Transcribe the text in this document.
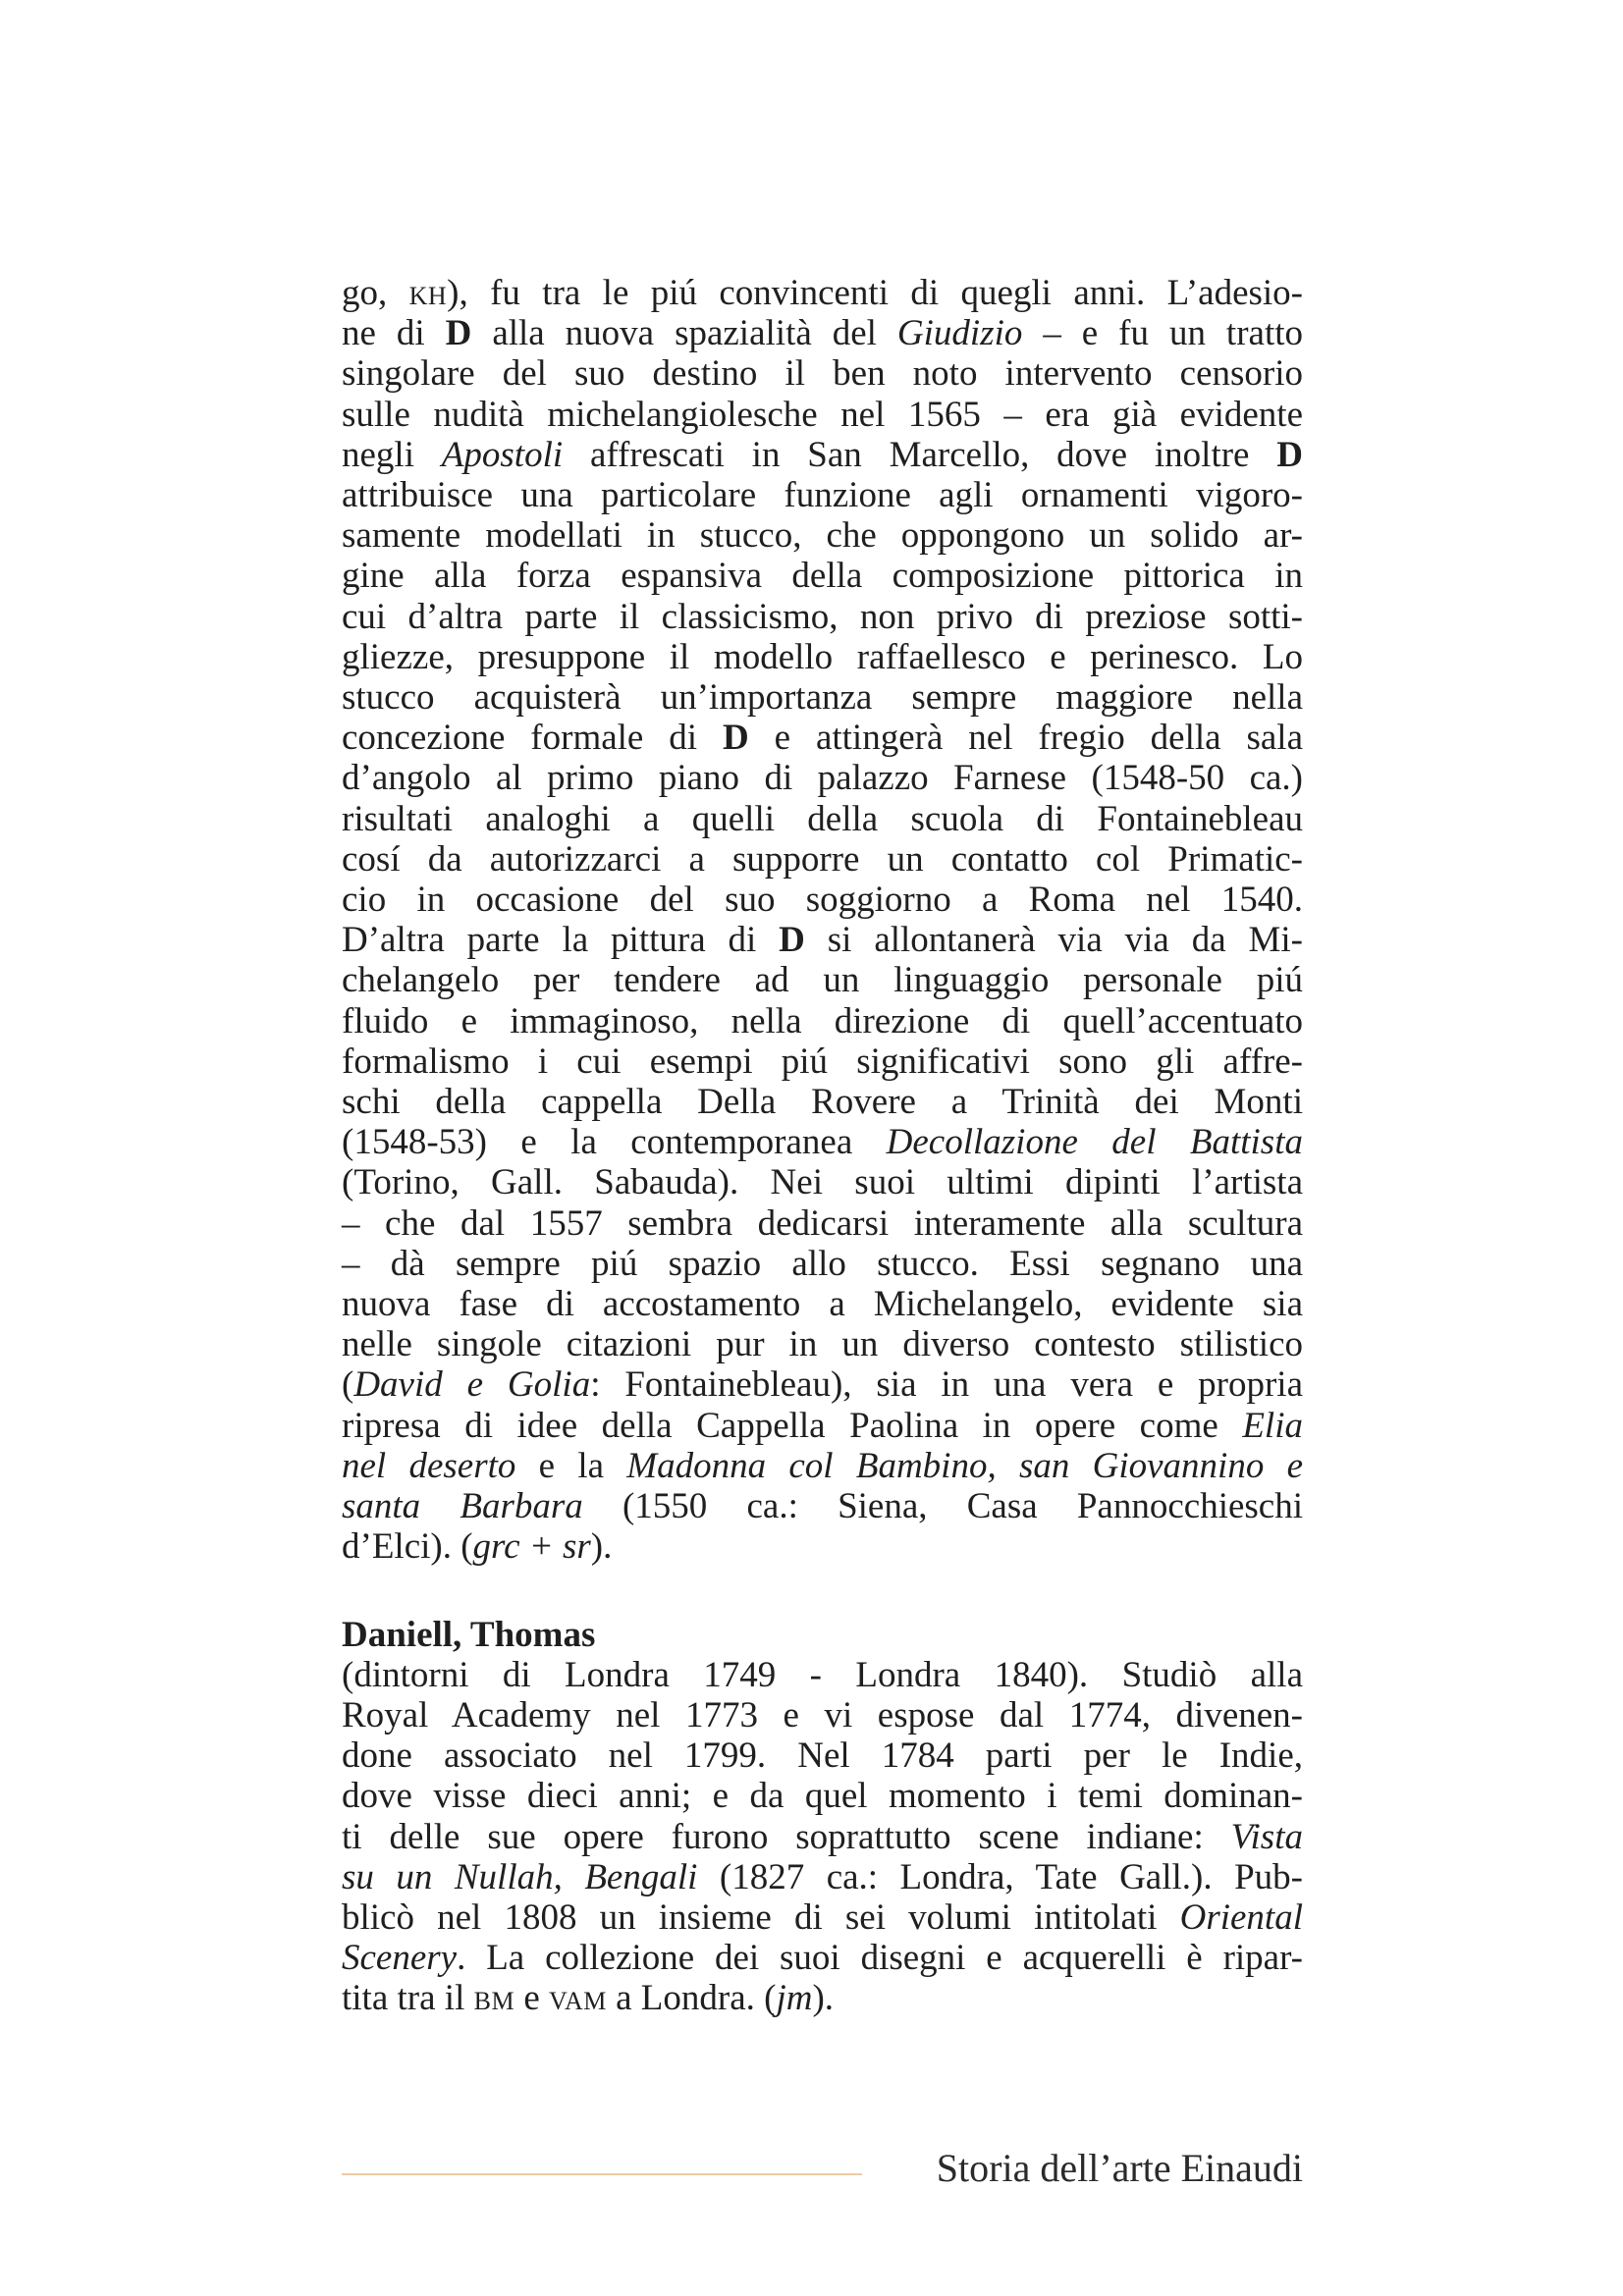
go, kh), fu tra le piú convincenti di quegli anni. L’adesio-
ne di D alla nuova spazialità del Giudizio – e fu un tratto
singolare del suo destino il ben noto intervento censorio
sulle nudità michelangiolesche nel 1565 – era già evidente
negli Apostoli affrescati in San Marcello, dove inoltre D
attribuisce una particolare funzione agli ornamenti vigoro-
samente modellati in stucco, che oppongono un solido ar-
gine alla forza espansiva della composizione pittorica in
cui d’altra parte il classicismo, non privo di preziose sotti-
gliezze, presuppone il modello raffaellesco e perinesco. Lo
stucco acquisterà un’importanza sempre maggiore nella
concezione formale di D e attingerà nel fregio della sala
d’angolo al primo piano di palazzo Farnese (1548-50 ca.)
risultati analoghi a quelli della scuola di Fontainebleau
cosí da autorizzarci a supporre un contatto col Primatic-
cio in occasione del suo soggiorno a Roma nel 1540.
D’altra parte la pittura di D si allontanerà via via da Mi-
chelangelo per tendere ad un linguaggio personale piú
fluido e immaginoso, nella direzione di quell’accentuato
formalismo i cui esempi piú significativi sono gli affre-
schi della cappella Della Rovere a Trinità dei Monti
(1548-53) e la contemporanea Decollazione del Battista
(Torino, Gall. Sabauda). Nei suoi ultimi dipinti l’artista
– che dal 1557 sembra dedicarsi interamente alla scultura
– dà sempre piú spazio allo stucco. Essi segnano una
nuova fase di accostamento a Michelangelo, evidente sia
nelle singole citazioni pur in un diverso contesto stilistico
(David e Golia: Fontainebleau), sia in una vera e propria
ripresa di idee della Cappella Paolina in opere come Elia
nel deserto e la Madonna col Bambino, san Giovannino e
santa Barbara (1550 ca.: Siena, Casa Pannocchieschi
d’Elci). (grc + sr).

Daniell, Thomas

(dintorni di Londra 1749 - Londra 1840). Studiò alla
Royal Academy nel 1773 e vi espose dal 1774, divenen-
done associato nel 1799. Nel 1784 parti per le Indie,
dove visse dieci anni; e da quel momento i temi dominan-
ti delle sue opere furono soprattutto scene indiane: Vista
su un Nullah, Bengali (1827 ca.: Londra, Tate Gall.). Pub-
blicò nel 1808 un insieme di sei volumi intitolati Oriental
Scenery. La collezione dei suoi disegni e acquerelli è ripar-
tita tra il bm e vam a Londra. (jm).

Storia dell’arte Einaudi
